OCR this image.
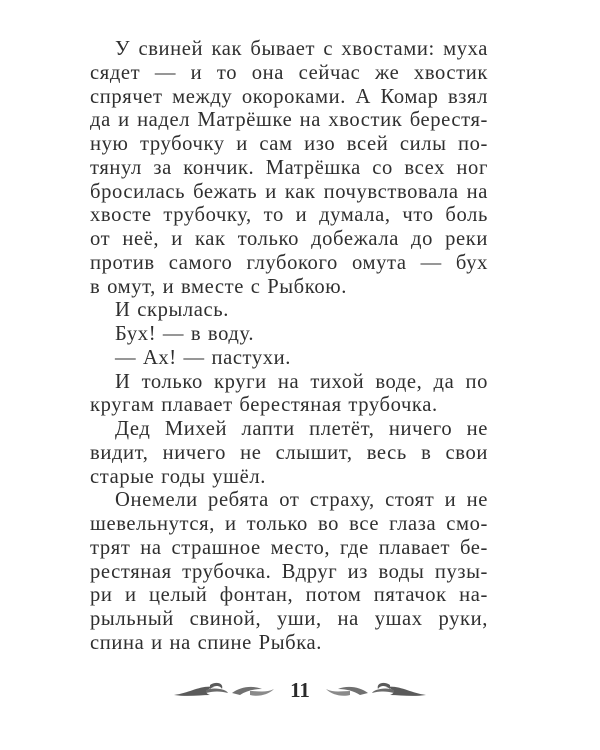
У свиней как бывает с хвостами: муха
сядет — и то она сейчас же хвостик
спрячет между окороками. А Комар взял
да и надел Матрёшке на хвостик берестя-
ную трубочку и сам изо всей силы по-
тянул за кончик. Матрёшка со всех ног
бросилась бежать и как почувствовала на
хвосте трубочку, то и думала, что боль
от неё, и как только добежала до реки
против самого глубокого омута — бух
в омут, и вместе с Рыбкою.
И скрылась.
Бух! — в воду.
— Ах! — пастухи.
И только круги на тихой воде, да по
кругам плавает берестяная трубочка.
Дед Михей лапти плетёт, ничего не
видит, ничего не слышит, весь в свои
старые годы ушёл.
Онемели ребята от страху, стоят и не
шевельнутся, и только во все глаза смо-
трят на страшное место, где плавает бе-
рестяная трубочка. Вдруг из воды пузы-
ри и целый фонтан, потом пятачок на-
рыльный свиной, уши, на ушах руки,
спина и на спине Рыбка.
11
